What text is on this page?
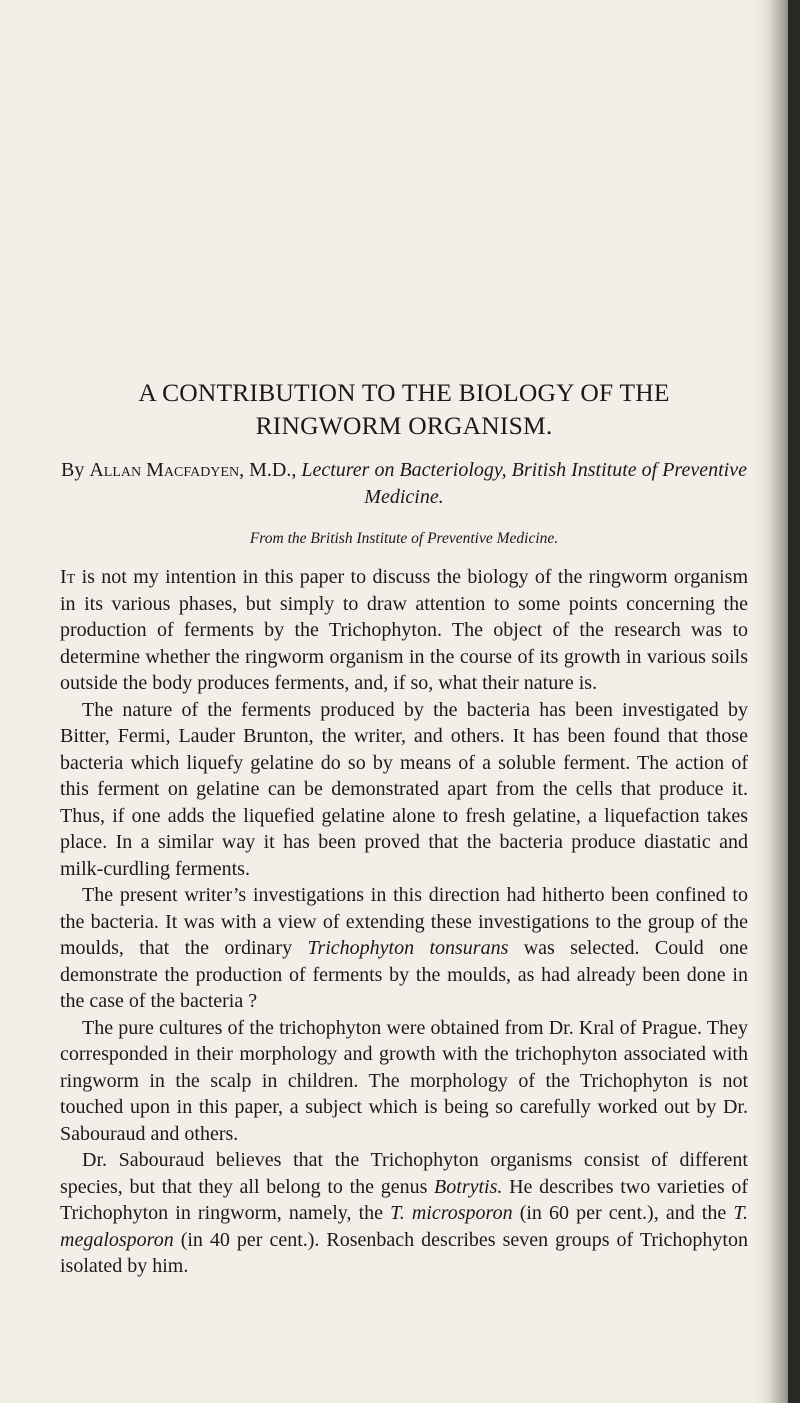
A CONTRIBUTION TO THE BIOLOGY OF THE
RINGWORM ORGANISM.

By Allan Macfadyen, M.D., Lecturer on Bacteriology, British Institute of Preventive Medicine.

From the British Institute of Preventive Medicine.

It is not my intention in this paper to discuss the biology of the ringworm organism in its various phases, but simply to draw attention to some points concerning the production of ferments by the Trichophyton. The object of the research was to determine whether the ringworm organism in the course of its growth in various soils outside the body produces ferments, and, if so, what their nature is.

The nature of the ferments produced by the bacteria has been investigated by Bitter, Fermi, Lauder Brunton, the writer, and others. It has been found that those bacteria which liquefy gelatine do so by means of a soluble ferment. The action of this ferment on gelatine can be demonstrated apart from the cells that produce it. Thus, if one adds the liquefied gelatine alone to fresh gelatine, a liquefaction takes place. In a similar way it has been proved that the bacteria produce diastatic and milk-curdling ferments.

The present writer’s investigations in this direction had hitherto been confined to the bacteria. It was with a view of extending these investigations to the group of the moulds, that the ordinary Trichophyton tonsurans was selected. Could one demonstrate the production of ferments by the moulds, as had already been done in the case of the bacteria ?

The pure cultures of the trichophyton were obtained from Dr. Kral of Prague. They corresponded in their morphology and growth with the trichophyton associated with ringworm in the scalp in children. The morphology of the Trichophyton is not touched upon in this paper, a subject which is being so carefully worked out by Dr. Sabouraud and others.

Dr. Sabouraud believes that the Trichophyton organisms consist of different species, but that they all belong to the genus Botrytis. He describes two varieties of Trichophyton in ringworm, namely, the T. microsporon (in 60 per cent.), and the T. megalosporon (in 40 per cent.). Rosenbach describes seven groups of Trichophyton isolated by him.
